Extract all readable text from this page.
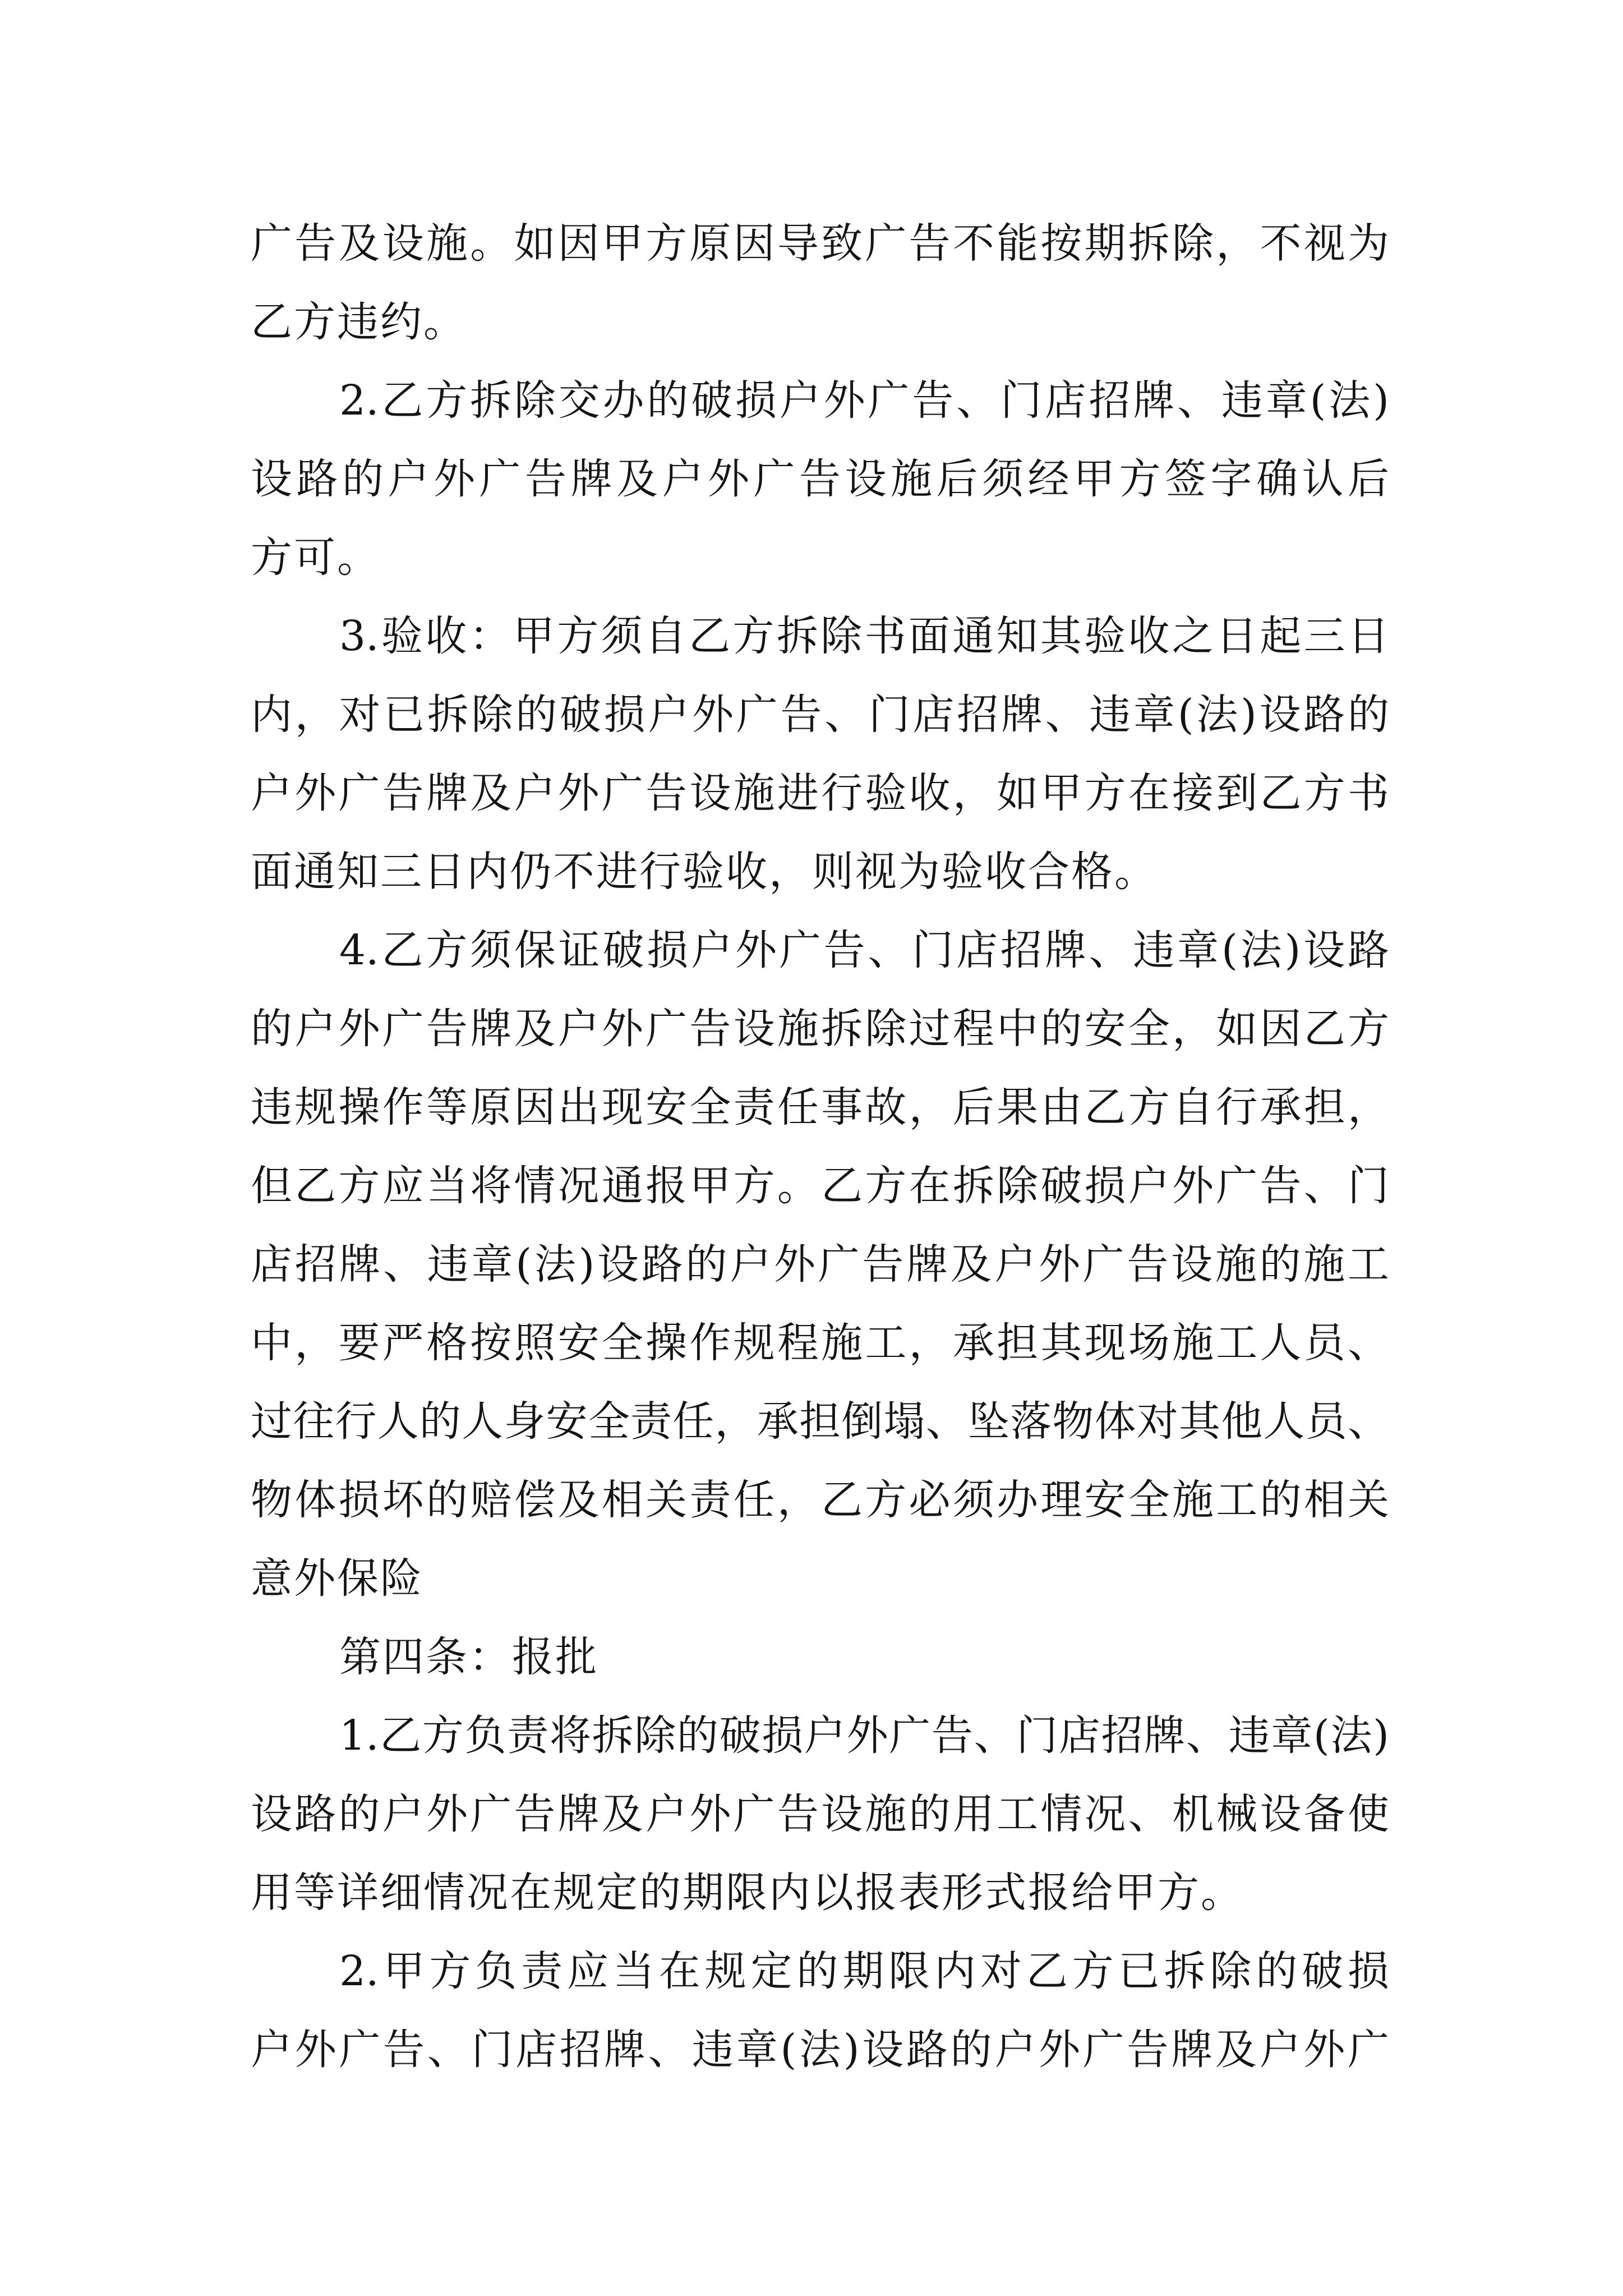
广告及设施。如因甲方原因导致广告不能按期拆除，不视为
乙方违约。
2.乙方拆除交办的破损户外广告、门店招牌、违章(法)
设路的户外广告牌及户外广告设施后须经甲方签字确认后
方可。
3.验收：甲方须自乙方拆除书面通知其验收之日起三日
内，对已拆除的破损户外广告、门店招牌、违章(法)设路的
户外广告牌及户外广告设施进行验收，如甲方在接到乙方书
面通知三日内仍不进行验收，则视为验收合格。
4.乙方须保证破损户外广告、门店招牌、违章(法)设路
的户外广告牌及户外广告设施拆除过程中的安全，如因乙方
违规操作等原因出现安全责任事故，后果由乙方自行承担，
但乙方应当将情况通报甲方。乙方在拆除破损户外广告、门
店招牌、违章(法)设路的户外广告牌及户外广告设施的施工
中，要严格按照安全操作规程施工，承担其现场施工人员、
过往行人的人身安全责任，承担倒塌、坠落物体对其他人员、
物体损坏的赔偿及相关责任，乙方必须办理安全施工的相关
意外保险
第四条：报批
1.乙方负责将拆除的破损户外广告、门店招牌、违章(法)
设路的户外广告牌及户外广告设施的用工情况、机械设备使
用等详细情况在规定的期限内以报表形式报给甲方。
2.甲方负责应当在规定的期限内对乙方已拆除的破损
户外广告、门店招牌、违章(法)设路的户外广告牌及户外广
